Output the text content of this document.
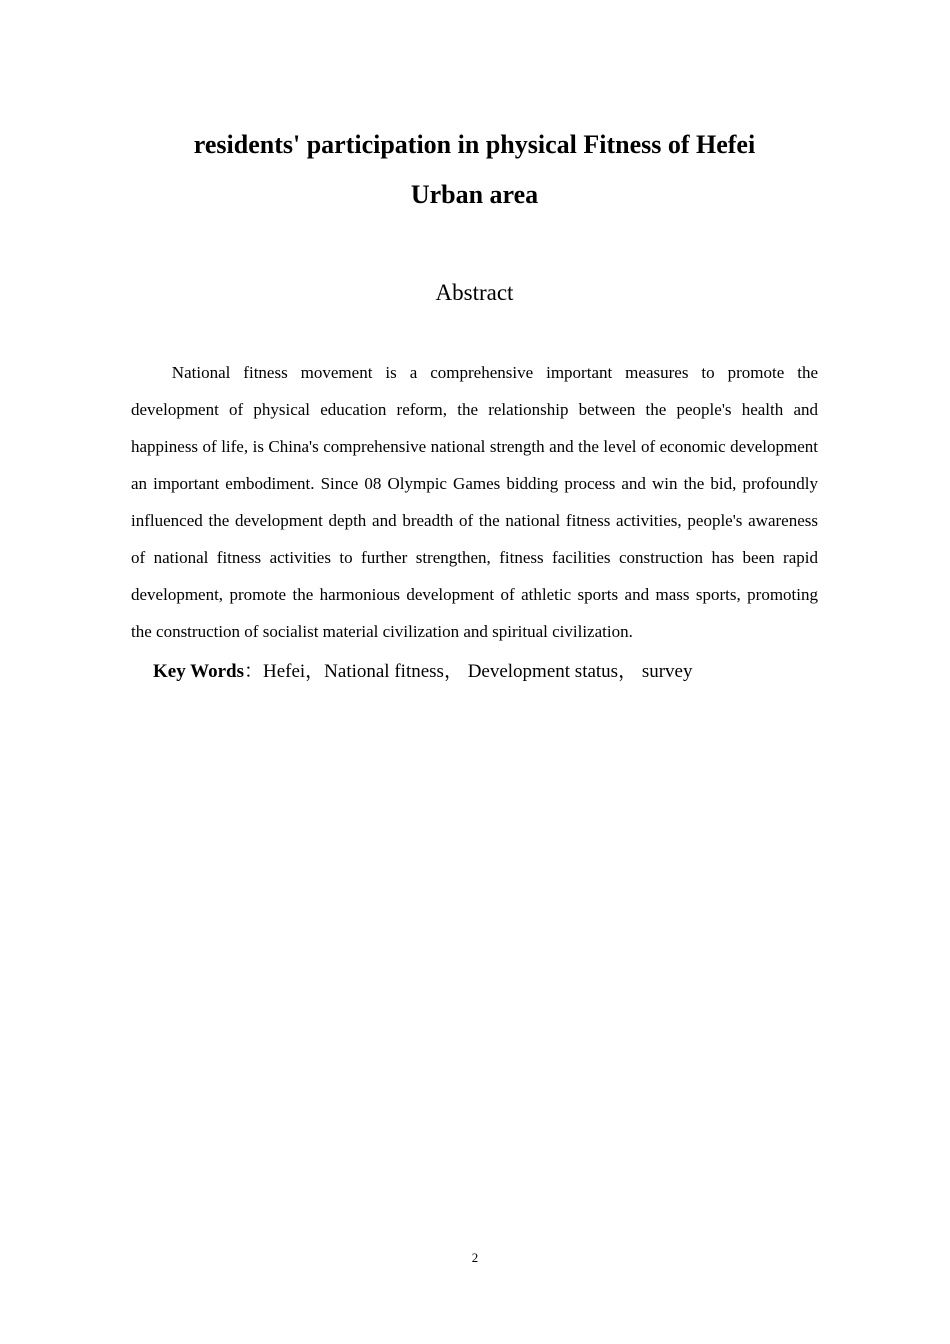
residents' participation in physical Fitness of Hefei
Urban area
Abstract

National fitness movement is a comprehensive important measures to promote the development of physical education reform, the relationship between the people's health and happiness of life, is China's comprehensive national strength and the level of economic development an important embodiment. Since 08 Olympic Games bidding process and win the bid, profoundly influenced the development depth and breadth of the national fitness activities, people's awareness of national fitness activities to further strengthen, fitness facilities construction has been rapid development, promote the harmonious development of athletic sports and mass sports, promoting the construction of socialist material civilization and spiritual civilization.

Key Words：Hefei，National fitness， Development status， survey

2
